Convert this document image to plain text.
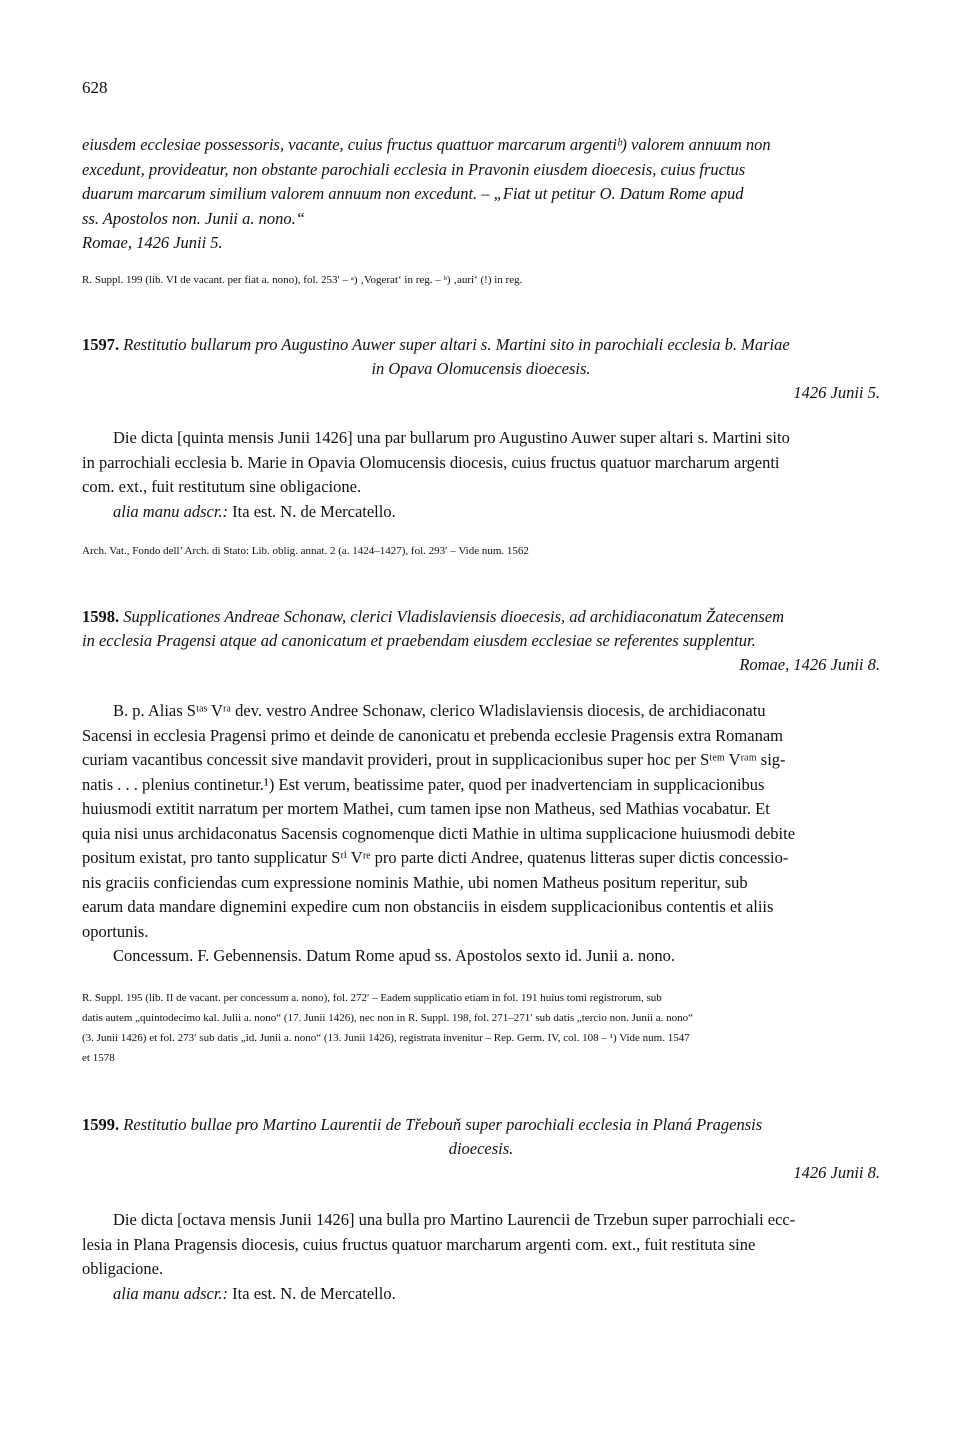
628
eiusdem ecclesiae possessoris, vacante, cuius fructus quattuor marcarum argentiᵇ) valorem annuum non
excedunt, provideatur, non obstante parochiali ecclesia in Pravonin eiusdem dioecesis, cuius fructus
duarum marcarum similium valorem annuum non excedunt. – „Fiat ut petitur O. Datum Rome apud
ss. Apostolos non. Junii a. nono.“
Romae, 1426 Junii 5.
R. Suppl. 199 (lib. VI de vacant. per fiat a. nono), fol. 253′ – ᵃ) ‚Vogerat‘ in reg. – ᵇ) ‚auri‘ (!) in reg.
1597. Restitutio bullarum pro Augustino Auwer super altari s. Martini sito in parochiali ecclesia b. Mariae
in Opava Olomucensis dioecesis.
1426 Junii 5.
Die dicta [quinta mensis Junii 1426] una par bullarum pro Augustino Auwer super altari s. Martini sito
in parrochiali ecclesia b. Marie in Opavia Olomucensis diocesis, cuius fructus quatuor marcharum argenti
com. ext., fuit restitutum sine obligacione.
alia manu adscr.: Ita est. N. de Mercatello.
Arch. Vat., Fondo dell’ Arch. di Stato: Lib. oblig. annat. 2 (a. 1424–1427), fol. 293′ – Vide num. 1562
1598. Supplicationes Andreae Schonaw, clerici Vladislaviensis dioecesis, ad archidiaconatum Žatecensem
in ecclesia Pragensi atque ad canonicatum et praebendam eiusdem ecclesiae se referentes supplentur.
Romae, 1426 Junii 8.
B. p. Alias Sᵗᵃˢ Vʳᵃ dev. vestro Andree Schonaw, clerico Wladislaviensis diocesis, de archidiaconatu
Sacensi in ecclesia Pragensi primo et deinde de canonicatu et prebenda ecclesie Pragensis extra Romanam
curiam vacantibus concessit sive mandavit provideri, prout in supplicacionibus super hoc per Sᵗᵉᵐ Vʳᵃᵐ sig-
natis . . . plenius continetur.¹) Est verum, beatissime pater, quod per inadvertenciam in supplicacionibus
huiusmodi extitit narratum per mortem Mathei, cum tamen ipse non Matheus, sed Mathias vocabatur. Et
quia nisi unus archidaconatus Sacensis cognomenque dicti Mathie in ultima supplicacione huiusmodi debite
positum existat, pro tanto supplicatur Sᵗⁱ Vʳᵉ pro parte dicti Andree, quatenus litteras super dictis concessio-
nis graciis conficiendas cum expressione nominis Mathie, ubi nomen Matheus positum reperitur, sub
earum data mandare dignemini expedire cum non obstanciis in eisdem supplicacionibus contentis et aliis
oportunis.
Concessum. F. Gebennensis. Datum Rome apud ss. Apostolos sexto id. Junii a. nono.
R. Suppl. 195 (lib. II de vacant. per concessum a. nono), fol. 272′ – Eadem supplicatio etiam in fol. 191 huius tomi registrorum, sub
datis autem „quintodecimo kal. Julii a. nono“ (17. Junii 1426), nec non in R. Suppl. 198, fol. 271–271′ sub datis „tercio non. Junii a. nono“
(3. Junii 1426) et fol. 273′ sub datis „id. Junii a. nono“ (13. Junii 1426), registrata invenitur – Rep. Germ. IV, col. 108 – ¹) Vide num. 1547
et 1578
1599. Restitutio bullae pro Martino Laurentii de Třebouň super parochiali ecclesia in Planá Pragensis
dioecesis.
1426 Junii 8.
Die dicta [octava mensis Junii 1426] una bulla pro Martino Laurencii de Trzebun super parrochiali ecc-
lesia in Plana Pragensis diocesis, cuius fructus quatuor marcharum argenti com. ext., fuit restituta sine
obligacione.
alia manu adscr.: Ita est. N. de Mercatello.
